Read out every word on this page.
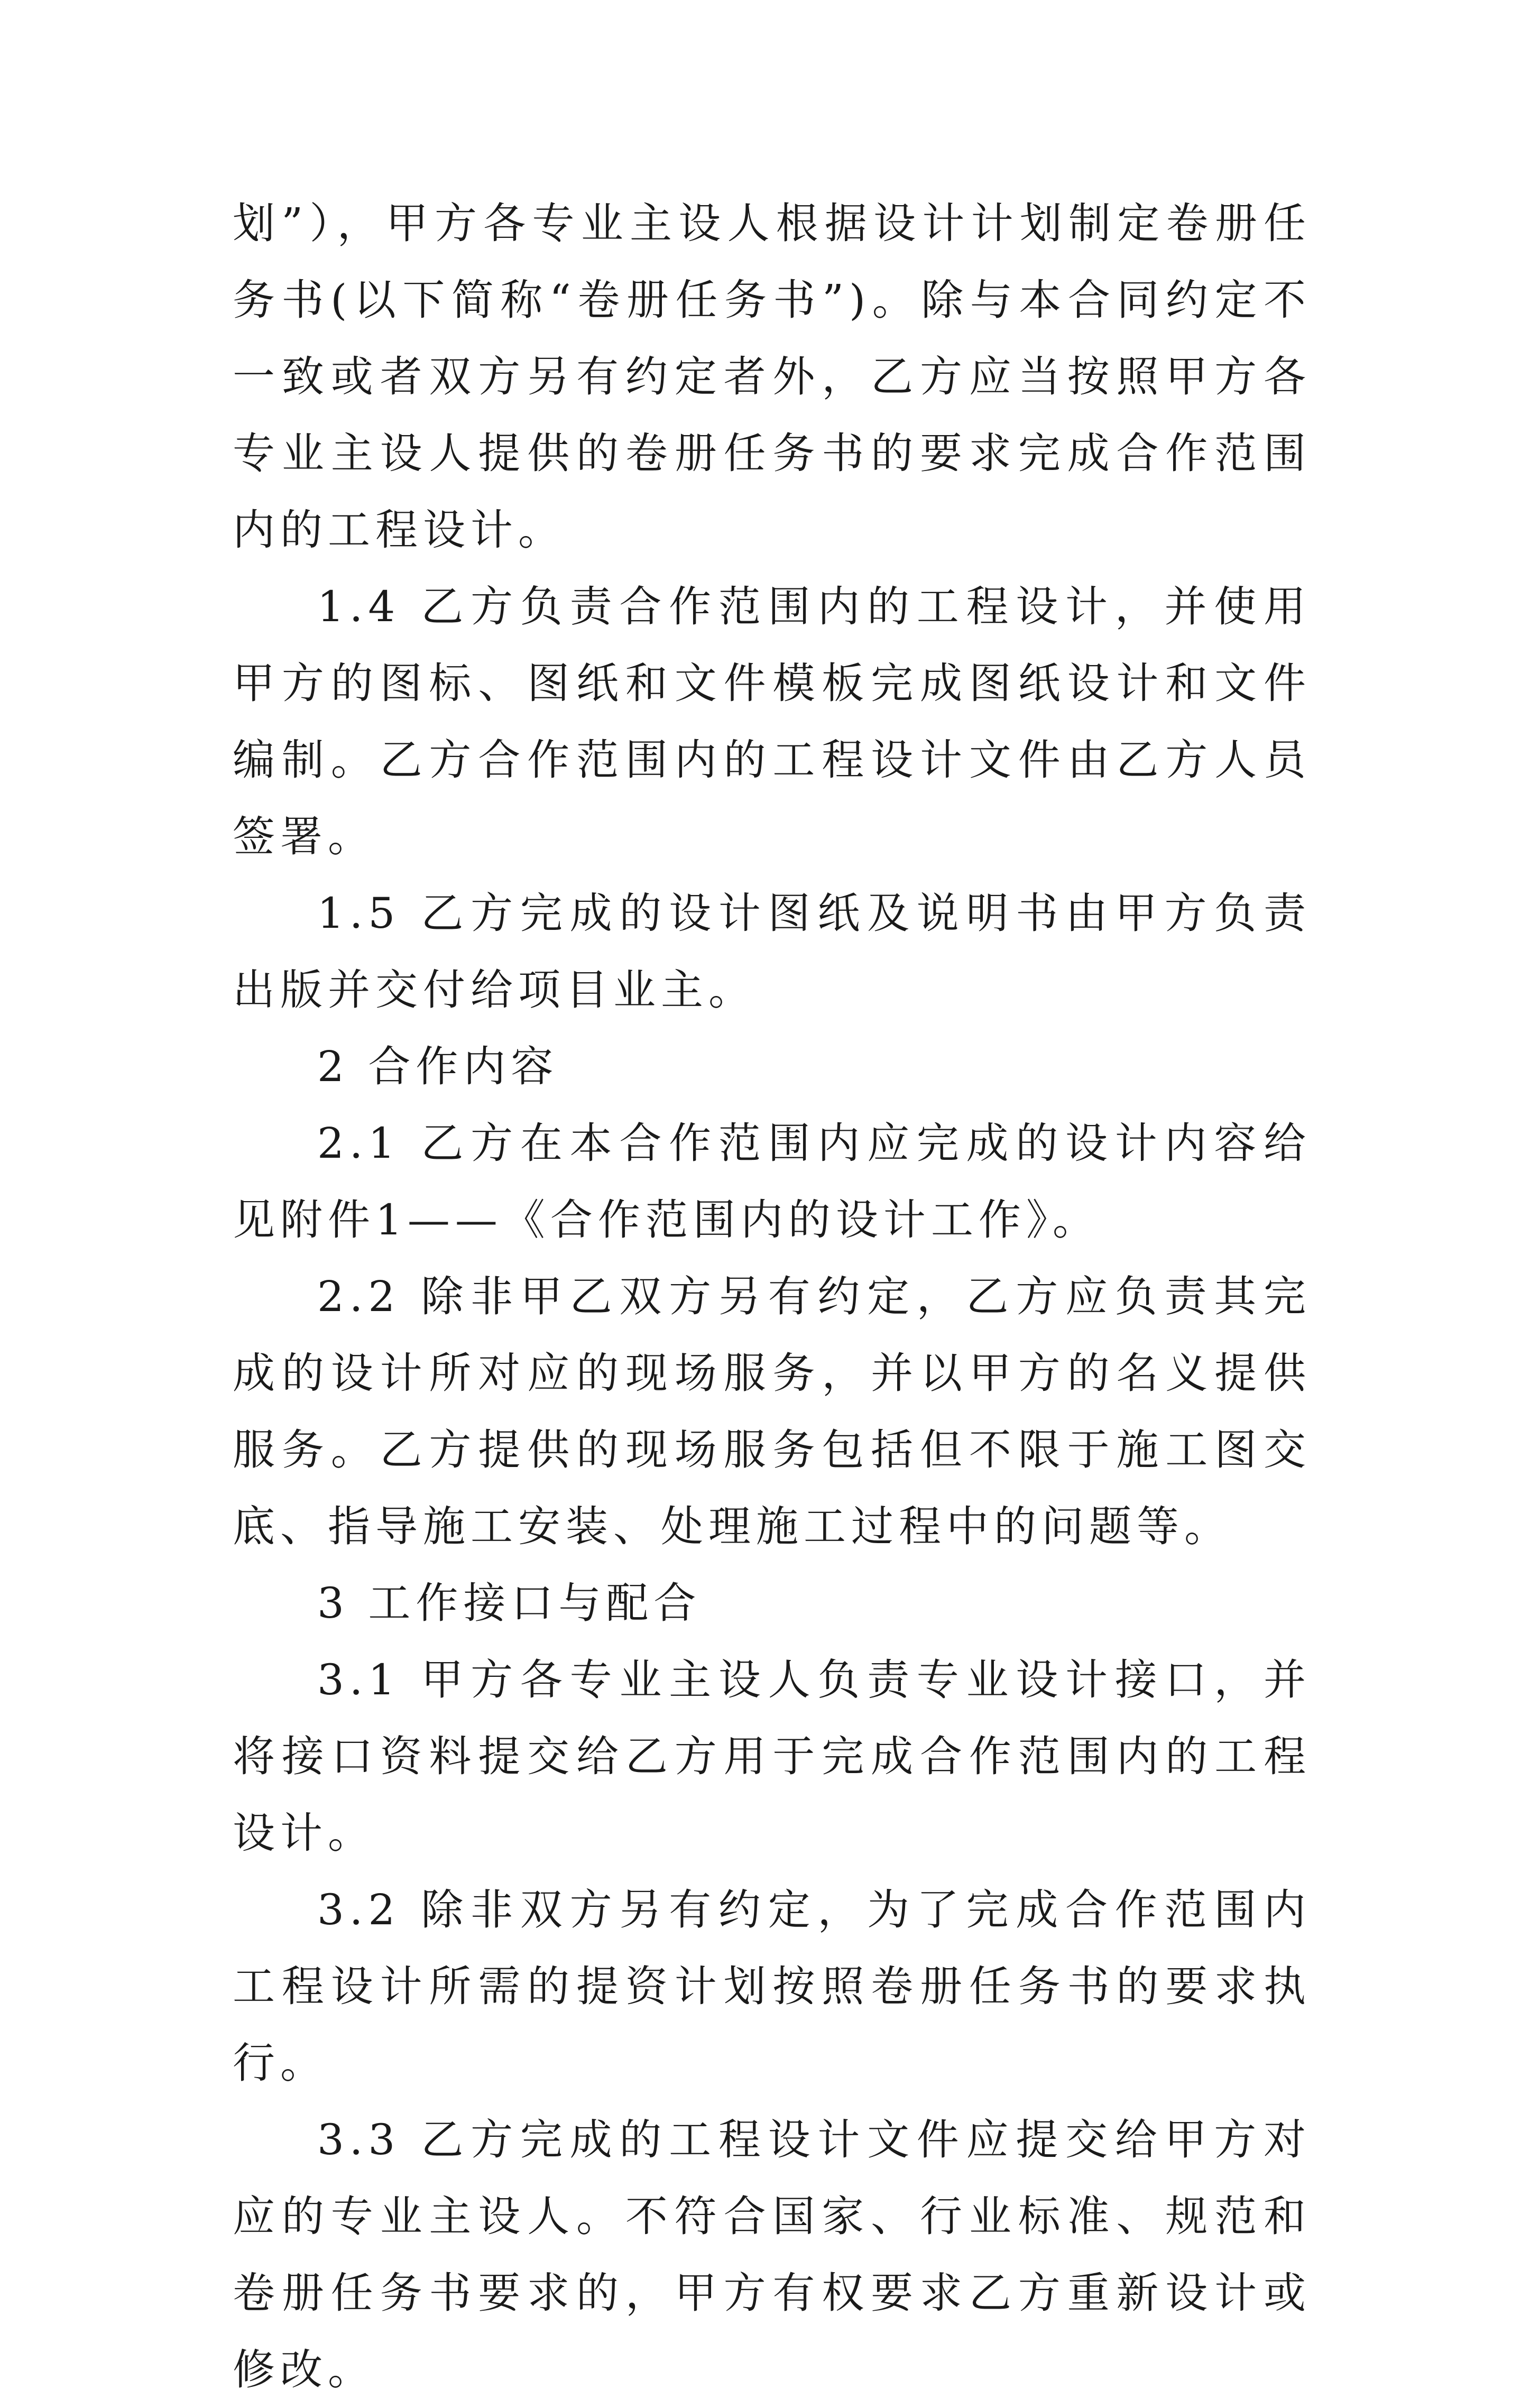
划”），甲方各专业主设人根据设计计划制定卷册任务书(以下简称“卷册任务书”)。除与本合同约定不一致或者双方另有约定者外，乙方应当按照甲方各专业主设人提供的卷册任务书的要求完成合作范围内的工程设计。

1.4 乙方负责合作范围内的工程设计，并使用甲方的图标、图纸和文件模板完成图纸设计和文件编制。乙方合作范围内的工程设计文件由乙方人员签署。

1.5 乙方完成的设计图纸及说明书由甲方负责出版并交付给项目业主。

2 合作内容

2.1 乙方在本合作范围内应完成的设计内容给见附件1——《合作范围内的设计工作》。

2.2 除非甲乙双方另有约定，乙方应负责其完成的设计所对应的现场服务，并以甲方的名义提供服务。乙方提供的现场服务包括但不限于施工图交底、指导施工安装、处理施工过程中的问题等。

3 工作接口与配合

3.1 甲方各专业主设人负责专业设计接口，并将接口资料提交给乙方用于完成合作范围内的工程设计。

3.2 除非双方另有约定，为了完成合作范围内工程设计所需的提资计划按照卷册任务书的要求执行。

3.3 乙方完成的工程设计文件应提交给甲方对应的专业主设人。不符合国家、行业标准、规范和卷册任务书要求的，甲方有权要求乙方重新设计或修改。
